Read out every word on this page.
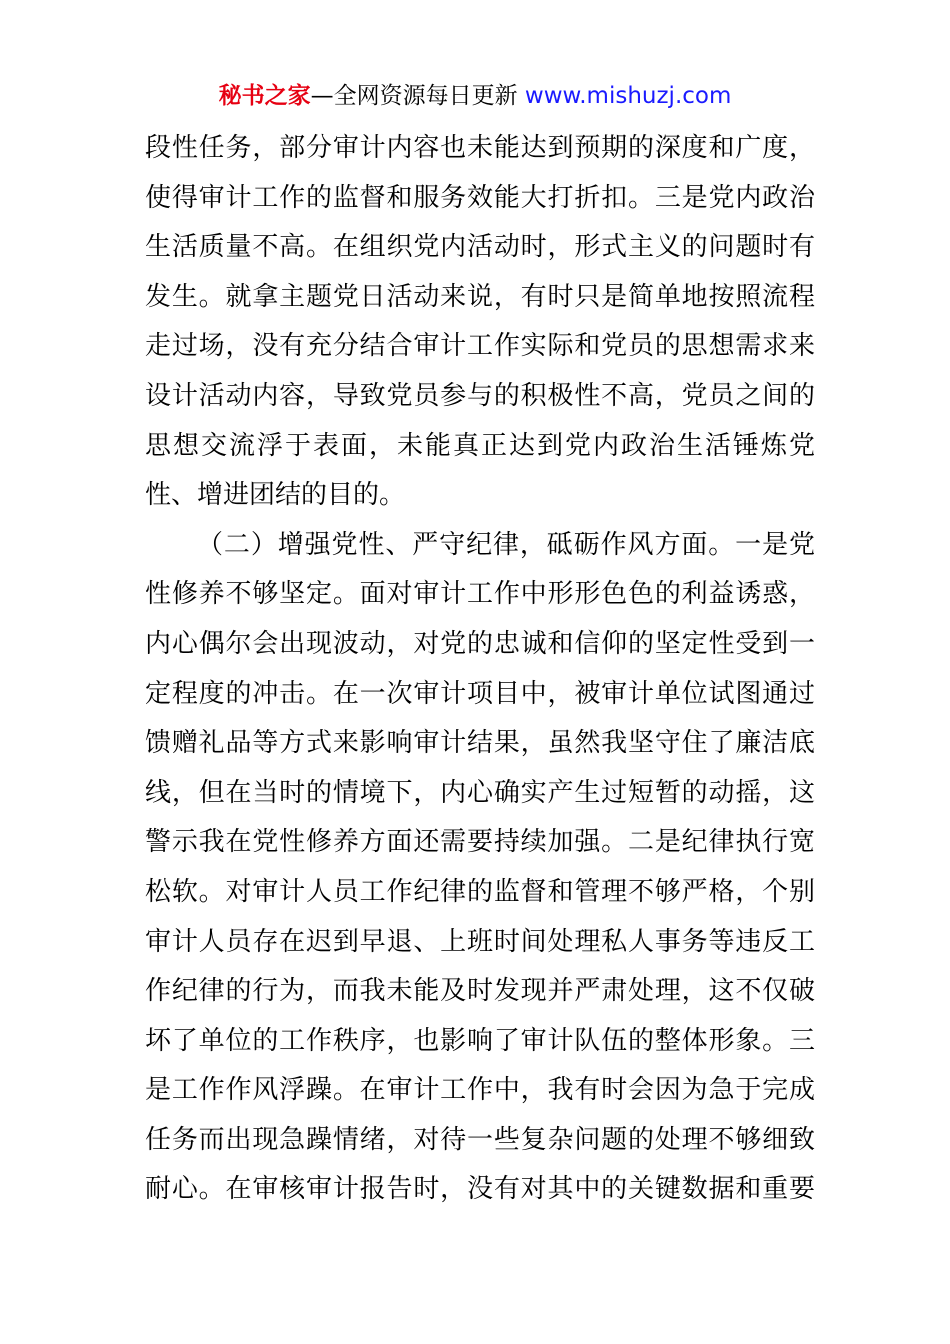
秘书之家—全网资源每日更新 www.mishuzj.com
段性任务，部分审计内容也未能达到预期的深度和广度，
使得审计工作的监督和服务效能大打折扣。三是党内政治
生活质量不高。在组织党内活动时，形式主义的问题时有
发生。就拿主题党日活动来说，有时只是简单地按照流程
走过场，没有充分结合审计工作实际和党员的思想需求来
设计活动内容，导致党员参与的积极性不高，党员之间的
思想交流浮于表面，未能真正达到党内政治生活锤炼党
性、增进团结的目的。
（二）增强党性、严守纪律，砥砺作风方面。一是党
性修养不够坚定。面对审计工作中形形色色的利益诱惑，
内心偶尔会出现波动，对党的忠诚和信仰的坚定性受到一
定程度的冲击。在一次审计项目中，被审计单位试图通过
馈赠礼品等方式来影响审计结果，虽然我坚守住了廉洁底
线，但在当时的情境下，内心确实产生过短暂的动摇，这
警示我在党性修养方面还需要持续加强。二是纪律执行宽
松软。对审计人员工作纪律的监督和管理不够严格，个别
审计人员存在迟到早退、上班时间处理私人事务等违反工
作纪律的行为，而我未能及时发现并严肃处理，这不仅破
坏了单位的工作秩序，也影响了审计队伍的整体形象。三
是工作作风浮躁。在审计工作中，我有时会因为急于完成
任务而出现急躁情绪，对待一些复杂问题的处理不够细致
耐心。在审核审计报告时，没有对其中的关键数据和重要
